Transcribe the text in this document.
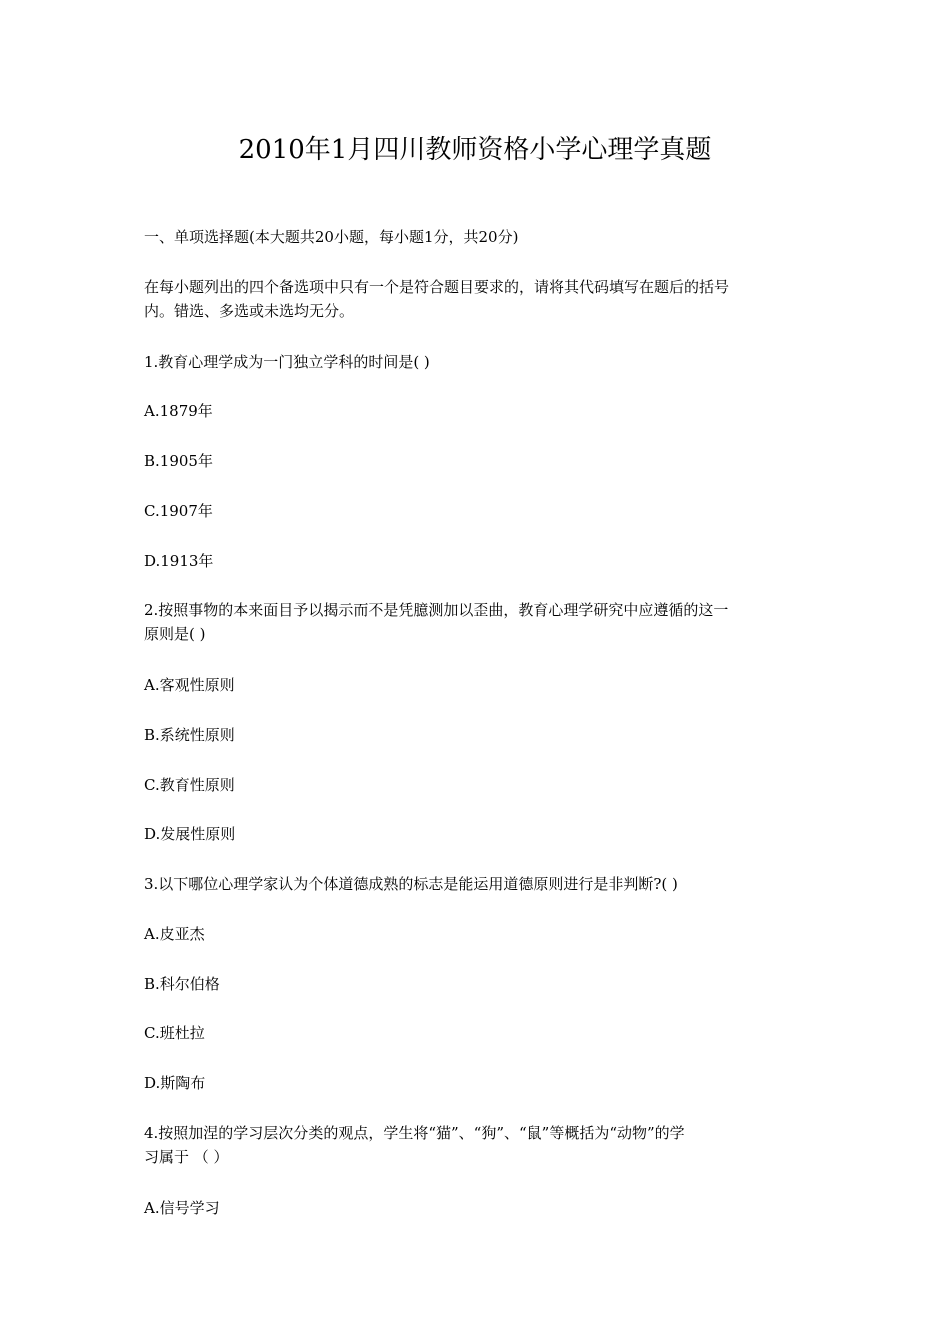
2010年1月四川教师资格小学心理学真题
一、单项选择题(本大题共20小题，每小题1分，共20分)
在每小题列出的四个备选项中只有一个是符合题目要求的，请将其代码填写在题后的括号
内。错选、多选或未选均无分。
1.教育心理学成为一门独立学科的时间是( )
A.1879年
B.1905年
C.1907年
D.1913年
2.按照事物的本来面目予以揭示而不是凭臆测加以歪曲，教育心理学研究中应遵循的这一
原则是( )
A.客观性原则
B.系统性原则
C.教育性原则
D.发展性原则
3.以下哪位心理学家认为个体道德成熟的标志是能运用道德原则进行是非判断?( )
A.皮亚杰
B.科尔伯格
C.班杜拉
D.斯陶布
4.按照加涅的学习层次分类的观点，学生将“猫”、“狗”、“鼠”等概括为“动物”的学
习属于 （ ）
A.信号学习
